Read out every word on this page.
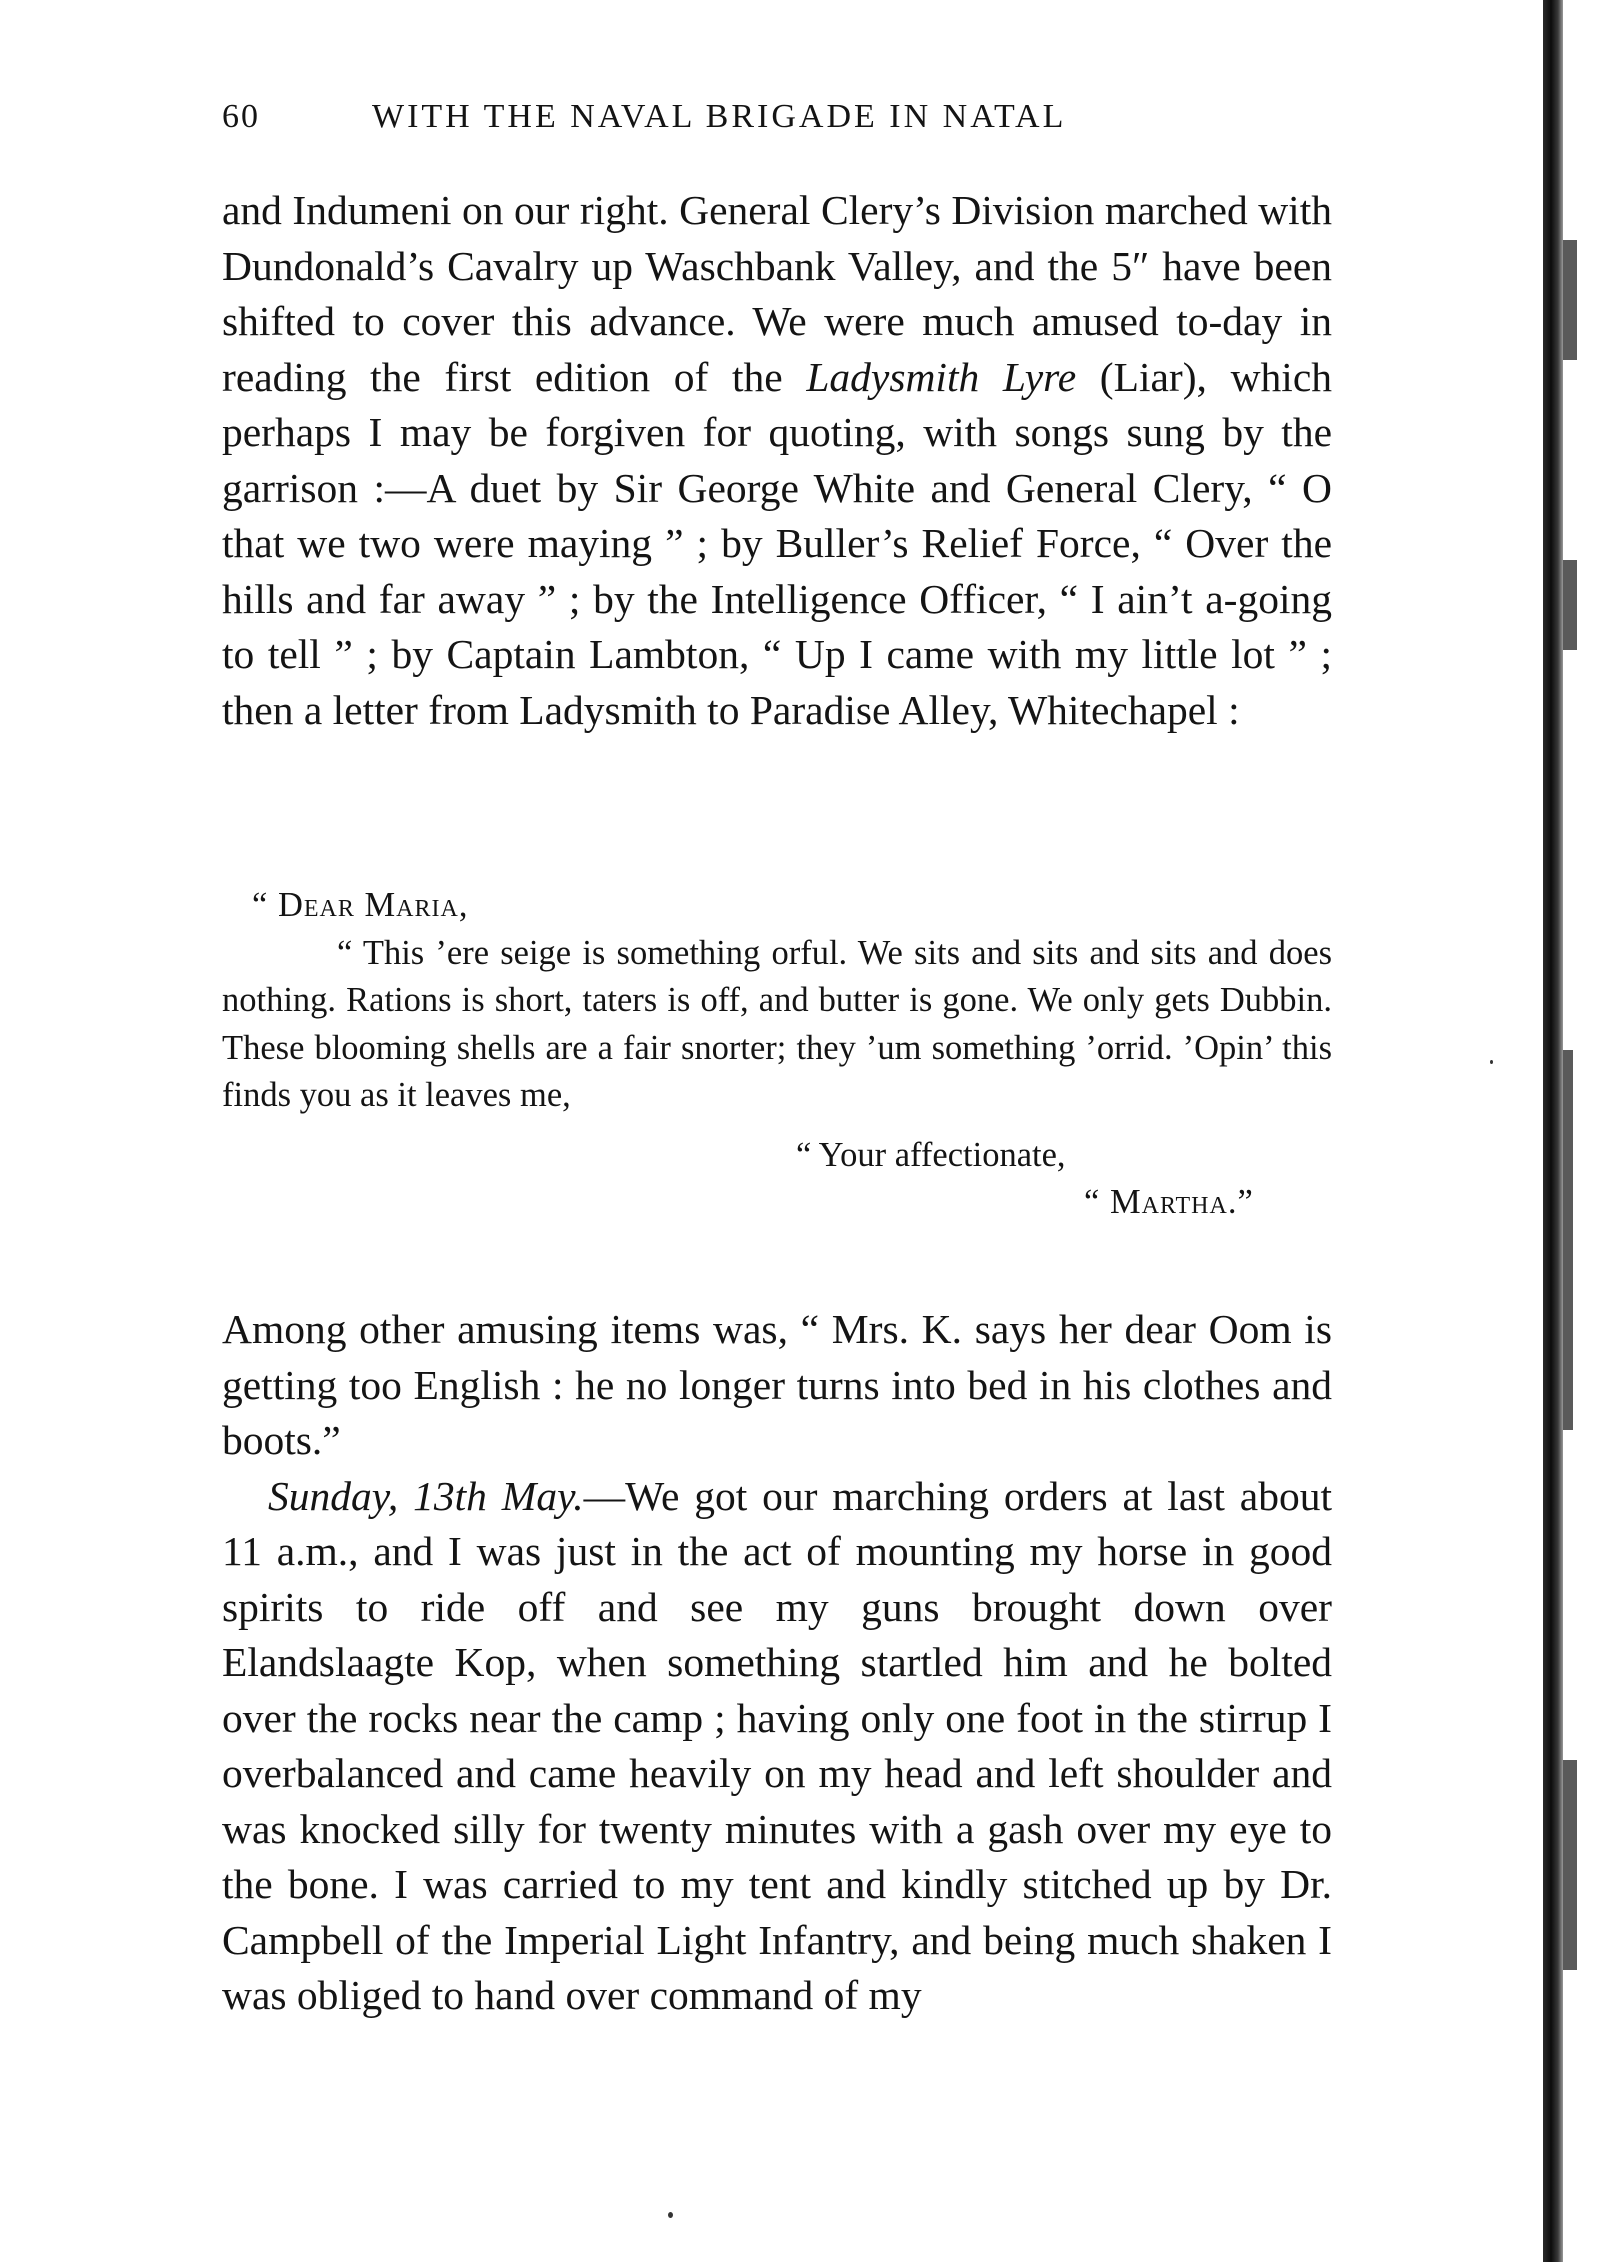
60	WITH THE NAVAL BRIGADE IN NATAL

and Indumeni on our right. General Clery’s Division marched with Dundonald’s Cavalry up Waschbank Valley, and the 5″ have been shifted to cover this advance. We were much amused to-day in reading the first edition of the Ladysmith Lyre (Liar), which perhaps I may be forgiven for quoting, with songs sung by the garrison :—A duet by Sir George White and General Clery, “ O that we two were maying ” ; by Buller’s Relief Force, “ Over the hills and far away ” ; by the Intelligence Officer, “ I ain’t a-going to tell ” ; by Captain Lambton, “ Up I came with my little lot ” ; then a letter from Ladysmith to Paradise Alley, Whitechapel :

“ Dear Maria,

“ This ’ere seige is something orful. We sits and sits and sits and does nothing. Rations is short, taters is off, and butter is gone. We only gets Dubbin. These blooming shells are a fair snorter; they ’um something ’orrid. ’Opin’ this finds you as it leaves me,

“ Your affectionate,

“ Martha.”

Among other amusing items was, “ Mrs. K. says her dear Oom is getting too English : he no longer turns into bed in his clothes and boots.”

Sunday, 13th May.—We got our marching orders at last about 11 a.m., and I was just in the act of mounting my horse in good spirits to ride off and see my guns brought down over Elandslaagte Kop, when something startled him and he bolted over the rocks near the camp ; having only one foot in the stirrup I overbalanced and came heavily on my head and left shoulder and was knocked silly for twenty minutes with a gash over my eye to the bone. I was carried to my tent and kindly stitched up by Dr. Campbell of the Imperial Light Infantry, and being much shaken I was obliged to hand over command of my
